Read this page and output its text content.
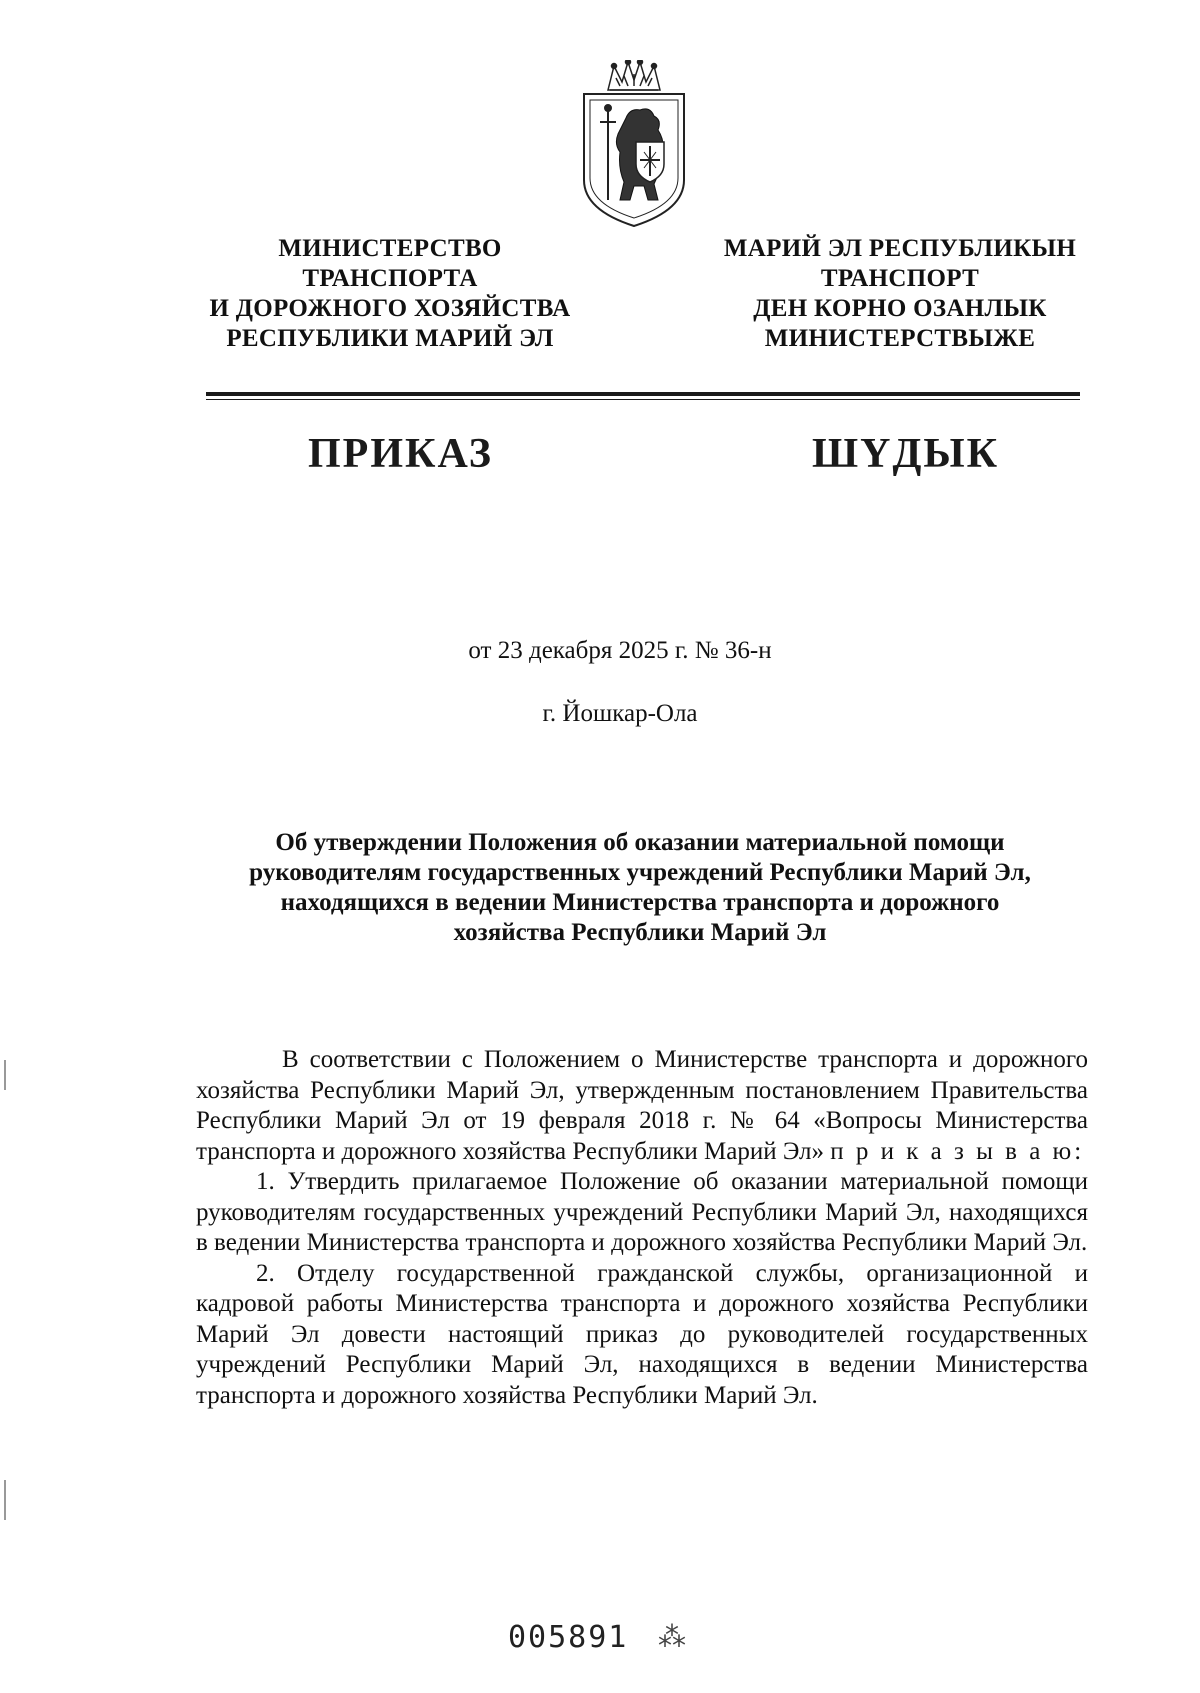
МИНИСТЕРСТВО
ТРАНСПОРТА
И ДОРОЖНОГО ХОЗЯЙСТВА
РЕСПУБЛИКИ МАРИЙ ЭЛ
МАРИЙ ЭЛ РЕСПУБЛИКЫН
ТРАНСПОРТ
ДЕН КОРНО ОЗАНЛЫК
МИНИСТЕРСТВЫЖЕ
ПРИКАЗ	ШҮДЫК
от 23 декабря 2025 г. № 36-н
г. Йошкар-Ола
Об утверждении Положения об оказании материальной помощи
руководителям государственных учреждений Республики Марий Эл,
находящихся в ведении Министерства транспорта и дорожного
хозяйства Республики Марий Эл

В соответствии с Положением о Министерстве транспорта и дорожного хозяйства Республики Марий Эл, утвержденным постановлением Правительства Республики Марий Эл от 19 февраля 2018 г. № 64 «Вопросы Министерства транспорта и дорожного хозяйства Республики Марий Эл» п р и к а з ы в а ю:

1. Утвердить прилагаемое Положение об оказании материальной помощи руководителям государственных учреждений Республики Марий Эл, находящихся в ведении Министерства транспорта и дорожного хозяйства Республики Марий Эл.

2. Отделу государственной гражданской службы, организационной и кадровой работы Министерства транспорта и дорожного хозяйства Республики Марий Эл довести настоящий приказ до руководителей государственных учреждений Республики Марий Эл, находящихся в ведении Министерства транспорта и дорожного хозяйства Республики Марий Эл.

005891 ⁂
